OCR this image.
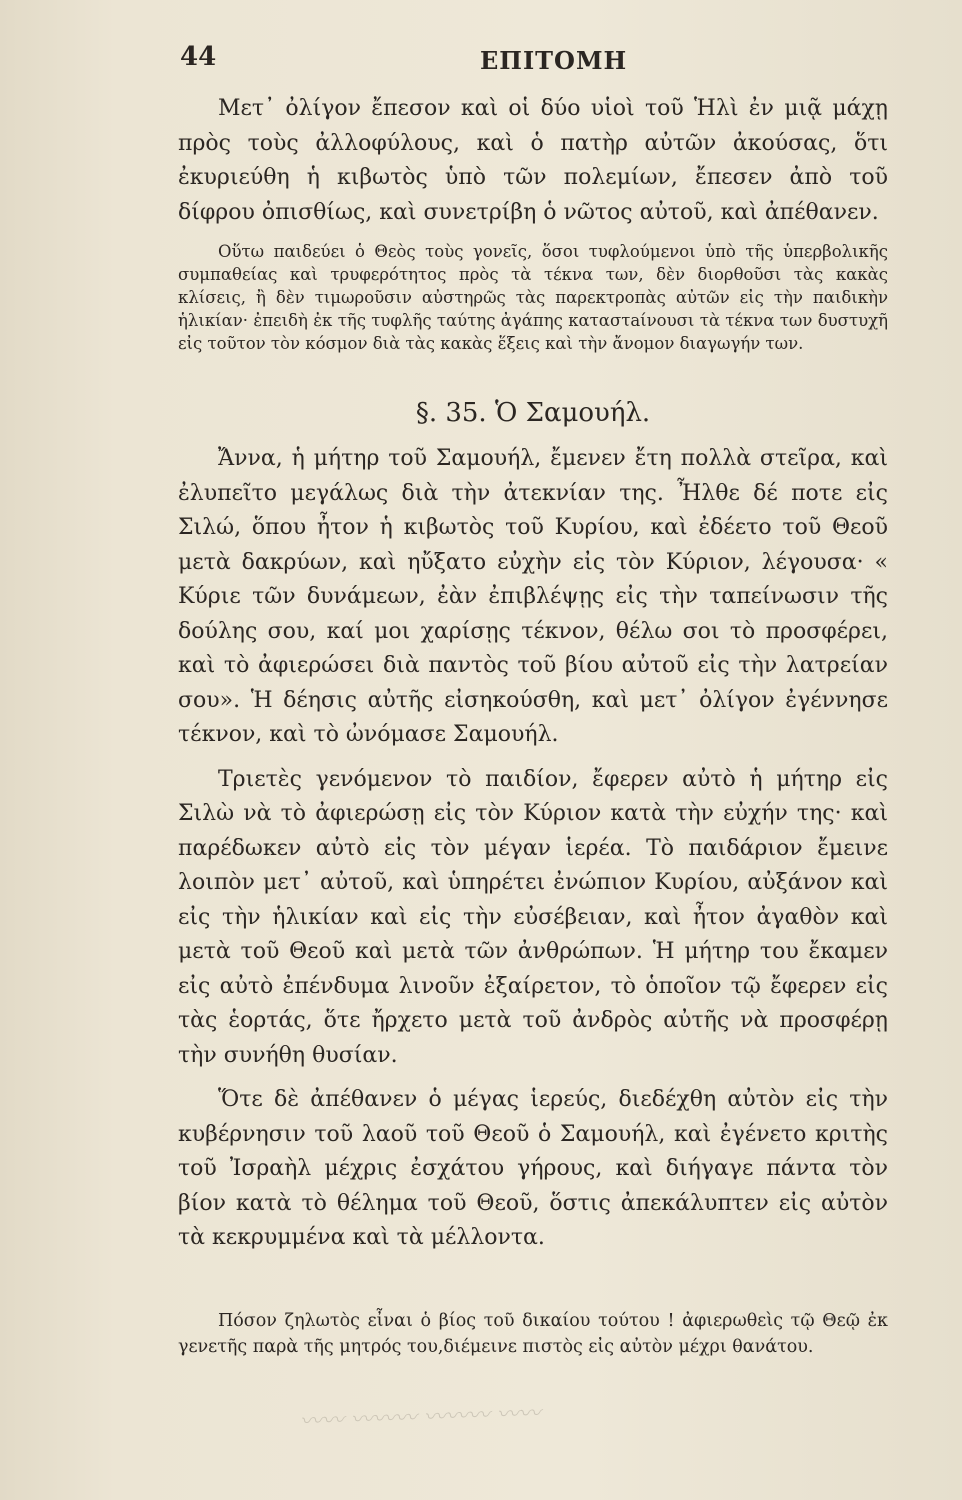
44	ΕΠΙΤΟΜΗ

Μετ᾽ ὀλίγον ἔπεσον καὶ οἱ δύο υἱοὶ τοῦ Ἡλὶ ἐν μιᾷ μάχῃ πρὸς τοὺς ἀλλοφύλους, καὶ ὁ πατὴρ αὐτῶν ἀκούσας, ὅτι ἐκυριεύθη ἡ κιβωτὸς ὑπὸ τῶν πολεμίων, ἔπεσεν ἀπὸ τοῦ δίφρου ὀπισθίως, καὶ συνετρίβη ὁ νῶτος αὐτοῦ, καὶ ἀπέθανεν.

Οὕτω παιδεύει ὁ Θεὸς τοὺς γονεῖς, ὅσοι τυφλούμενοι ὑπὸ τῆς ὑπερβολικῆς συμπαθείας καὶ τρυφερότητος πρὸς τὰ τέκνα των, δὲν διορθοῦσι τὰς κακὰς κλίσεις, ἢ δὲν τιμωροῦσιν αὐστηρῶς τὰς παρεκτροπὰς αὐτῶν εἰς τὴν παιδικὴν ἡλικίαν· ἐπειδὴ ἐκ τῆς τυφλῆς ταύτης ἀγάπης καταστaίνουσι τὰ τέκνα των δυστυχῆ εἰς τοῦτον τὸν κόσμον διὰ τὰς κακὰς ἕξεις καὶ τὴν ἄνομον διαγωγήν των.

§. 35. Ὁ Σαμουήλ.

Ἄννα, ἡ μήτηρ τοῦ Σαμουήλ, ἔμενεν ἔτη πολλὰ στεῖρα, καὶ ἐλυπεῖτο μεγάλως διὰ τὴν ἀτεκνίαν της. Ἦλθε δέ ποτε εἰς Σιλώ, ὅπου ἦτον ἡ κιβωτὸς τοῦ Κυρίου, καὶ ἐδέετο τοῦ Θεοῦ μετὰ δακρύων, καὶ ηὔξατο εὐχὴν εἰς τὸν Κύριον, λέγουσα· « Κύριε τῶν δυνάμεων, ἐὰν ἐπιβλέψῃς εἰς τὴν ταπείνωσιν τῆς δούλης σου, καί μοι χαρίσῃς τέκνον, θέλω σοι τὸ προσφέρει, καὶ τὸ ἀφιερώσει διὰ παντὸς τοῦ βίου αὐτοῦ εἰς τὴν λατρείαν σου». Ἡ δέησις αὐτῆς εἰσηκούσθη, καὶ μετ᾽ ὀλίγον ἐγέννησε τέκνον, καὶ τὸ ὠνόμασε Σαμουήλ.

Τριετὲς γενόμενον τὸ παιδίον, ἔφερεν αὐτὸ ἡ μήτηρ εἰς Σιλὼ νὰ τὸ ἀφιερώσῃ εἰς τὸν Κύριον κατὰ τὴν εὐχήν της· καὶ παρέδωκεν αὐτὸ εἰς τὸν μέγαν ἱερέα. Τὸ παιδάριον ἔμεινε λοιπὸν μετ᾽ αὐτοῦ, καὶ ὑπηρέτει ἐνώπιον Κυρίου, αὐξάνον καὶ εἰς τὴν ἡλικίαν καὶ εἰς τὴν εὐσέβειαν, καὶ ἦτον ἀγαθὸν καὶ μετὰ τοῦ Θεοῦ καὶ μετὰ τῶν ἀνθρώπων. Ἡ μήτηρ του ἔκαμεν εἰς αὐτὸ ἐπένδυμα λινοῦν ἐξαίρετον, τὸ ὁποῖον τῷ ἔφερεν εἰς τὰς ἑορτάς, ὅτε ἤρχετο μετὰ τοῦ ἀνδρὸς αὐτῆς νὰ προσφέρῃ τὴν συνήθη θυσίαν.

Ὅτε δὲ ἀπέθανεν ὁ μέγας ἱερεύς, διεδέχθη αὐτὸν εἰς τὴν κυβέρνησιν τοῦ λαοῦ τοῦ Θεοῦ ὁ Σαμουήλ, καὶ ἐγένετο κριτὴς τοῦ Ἰσραὴλ μέχρις ἐσχάτου γήρους, καὶ διήγαγε πάντα τὸν βίον κατὰ τὸ θέλημα τοῦ Θεοῦ, ὅστις ἀπεκάλυπτεν εἰς αὐτὸν τὰ κεκρυμμένα καὶ τὰ μέλλοντα.

Πόσον ζηλωτὸς εἶναι ὁ βίος τοῦ δικαίου τούτου ! ἀφιερωθεὶς τῷ Θεῷ ἐκ γενετῆς παρὰ τῆς μητρός του,διέμεινε πιστὸς εἰς αὐτὸν μέχρι θανάτου.

〰〰 〰〰〰 〰〰〰 〰〰
